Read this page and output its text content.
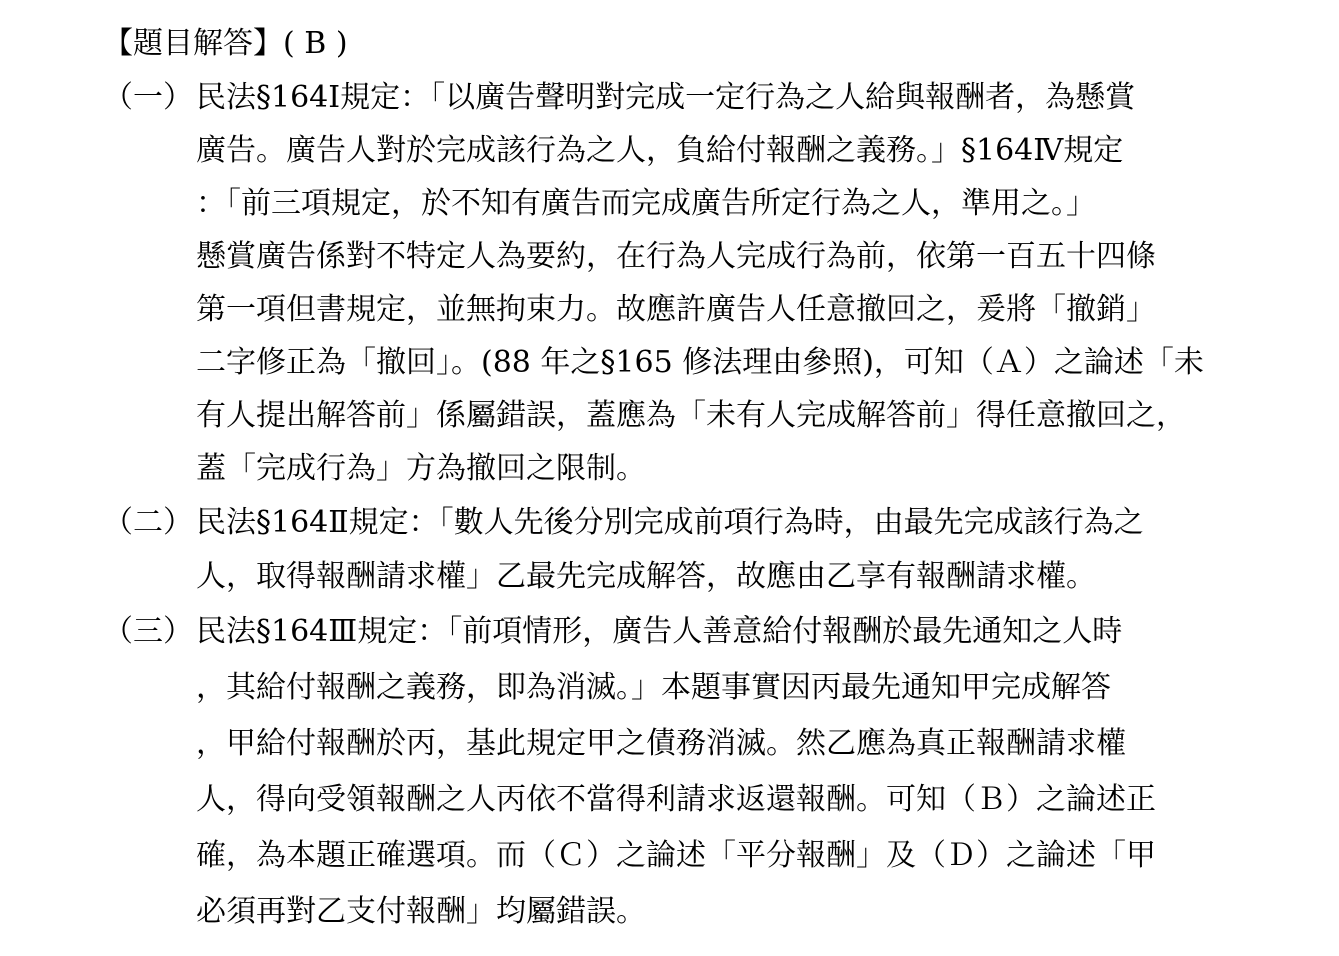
【題目解答】( B )
（一） 民法§164Ⅰ規定：「以廣告聲明對完成一定行為之人給與報酬者，為懸賞
廣告。廣告人對於完成該行為之人，負給付報酬之義務。」§164Ⅳ規定
：「前三項規定，於不知有廣告而完成廣告所定行為之人，準用之。」
懸賞廣告係對不特定人為要約，在行為人完成行為前，依第一百五十四條
第一項但書規定，並無拘束力。故應許廣告人任意撤回之，爰將「撤銷」
二字修正為「撤回」。(88 年之§165 修法理由參照)，可知（Ａ）之論述「未
有人提出解答前」係屬錯誤，蓋應為「未有人完成解答前」得任意撤回之，
蓋「完成行為」方為撤回之限制。
（二） 民法§164Ⅱ規定：「數人先後分別完成前項行為時，由最先完成該行為之
人，取得報酬請求權」乙最先完成解答，故應由乙享有報酬請求權。
（三） 民法§164Ⅲ規定：「前項情形，廣告人善意給付報酬於最先通知之人時
，其給付報酬之義務，即為消滅。」本題事實因丙最先通知甲完成解答
，甲給付報酬於丙，基此規定甲之債務消滅。然乙應為真正報酬請求權
人，得向受領報酬之人丙依不當得利請求返還報酬。可知（Ｂ）之論述正
確，為本題正確選項。而（Ｃ）之論述「平分報酬」及（Ｄ）之論述「甲
必須再對乙支付報酬」均屬錯誤。
